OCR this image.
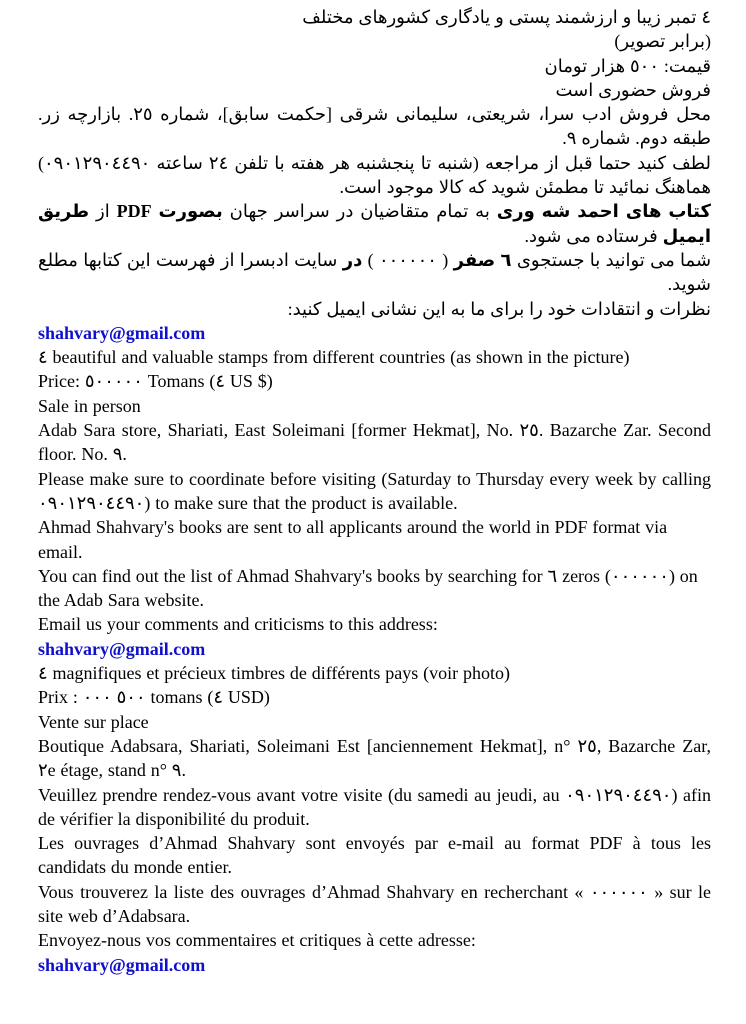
٤ تمبر زیبا و ارزشمند پستی و یادگاری کشورهای مختلف

(برابر تصویر)

قیمت: ٥٠٠ هزار تومان

فروش حضوری است

محل فروش ادب سرا، شریعتی، سلیمانی شرقی [حکمت سابق]، شماره ٢٥. بازارچه زر. طبقه دوم. شماره ٩.

لطف کنید حتما قبل از مراجعه (شنبه تا پنجشنبه هر هفته با تلفن ٢٤ ساعته ٠٩٠١٢٩٠٤٤٩٠) هماهنگ نمائید تا مطمئن شوید که کالا موجود است.

کتاب های احمد شه وری به تمام متقاضیان در سراسر جهان بصورت PDF از طریق ایمیل فرستاده می شود.

شما می توانید با جستجوی ٦ صفر ( ٠٠٠٠٠٠ ) در سایت ادبسرا از فهرست این کتابها مطلع شوید.

نظرات و انتقادات خود را برای ما به این نشانی ایمیل کنید:

shahvary@gmail.com

٤ beautiful and valuable stamps from different countries (as shown in the picture)

Price: ٥٠٠٠٠٠ Tomans (٤ US $)

Sale in person

Adab Sara store, Shariati, East Soleimani [former Hekmat], No. ٢٥. Bazarche Zar. Second floor. No. ٩.

Please make sure to coordinate before visiting (Saturday to Thursday every week by calling ٠٩٠١٢٩٠٤٤٩٠) to make sure that the product is available.

Ahmad Shahvary's books are sent to all applicants around the world in PDF format via email.

You can find out the list of Ahmad Shahvary's books by searching for ٦ zeros (٠٠٠٠٠٠) on the Adab Sara website.

Email us your comments and criticisms to this address:

shahvary@gmail.com

٤ magnifiques et précieux timbres de différents pays (voir photo)

Prix : ٥٠٠ ٠٠٠ tomans (٤ USD)

Vente sur place

Boutique Adabsara, Shariati, Soleimani Est [anciennement Hekmat], n° ٢٥, Bazarche Zar, ٢e étage, stand n° ٩.

Veuillez prendre rendez-vous avant votre visite (du samedi au jeudi, au ٠٩٠١٢٩٠٤٤٩٠) afin de vérifier la disponibilité du produit.

Les ouvrages d’Ahmad Shahvary sont envoyés par e-mail au format PDF à tous les candidats du monde entier.

Vous trouverez la liste des ouvrages d’Ahmad Shahvary en recherchant « ٠٠٠٠٠٠ » sur le site web d’Adabsara.

Envoyez-nous vos commentaires et critiques à cette adresse:

shahvary@gmail.com
